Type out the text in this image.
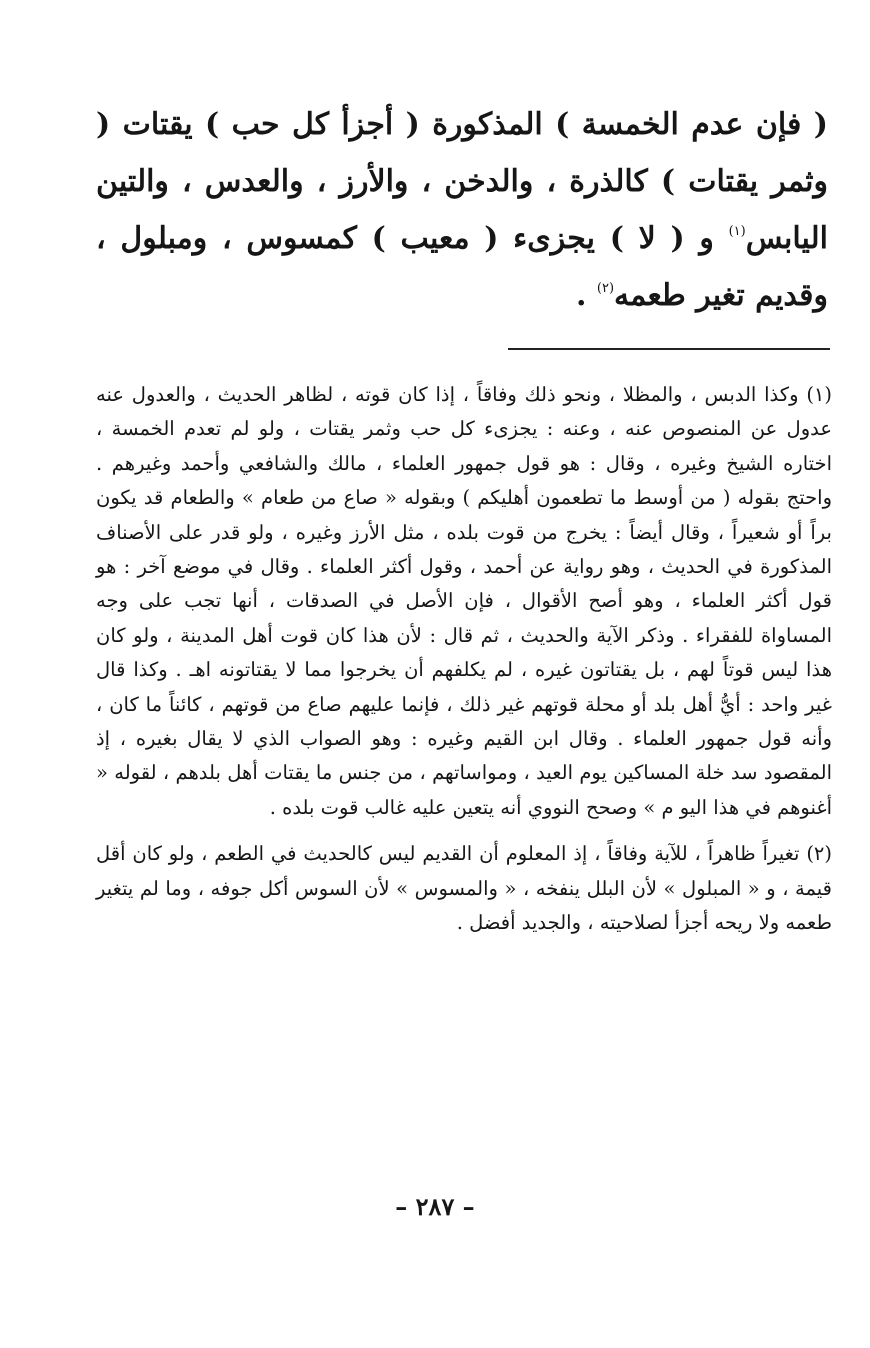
( فإن عدم الخمسة ) المذكورة ( أجزأ كل حب ) يقتات ( وثمر يقتات ) كالذرة ، والدخن ، والأرز ، والعدس ، والتين اليابس$^{(١)}$ و ( لا ) يجزىء ( معيب ) كمسوس ، ومبلول ، وقديم تغير طعمه$^{(٢)}$ .

(١) وكذا الدبس ، والمظلا ، ونحو ذلك وفاقاً ، إذا كان قوته ، لظاهر الحديث ، والعدول عنه عدول عن المنصوص عنه ، وعنه : يجزىء كل حب وثمر يقتات ، ولو لم تعدم الخمسة ، اختاره الشيخ وغيره ، وقال : هو قول جمهور العلماء ، مالك والشافعي وأحمد وغيرهم . واحتج بقوله ( من أوسط ما تطعمون أهليكم ) وبقوله « صاع من طعام » والطعام قد يكون براً أو شعيراً ، وقال أيضاً : يخرج من قوت بلده ، مثل الأرز وغيره ، ولو قدر على الأصناف المذكورة في الحديث ، وهو رواية عن أحمد ، وقول أكثر العلماء . وقال في موضع آخر : هو قول أكثر العلماء ، وهو أصح الأقوال ، فإن الأصل في الصدقات ، أنها تجب على وجه المساواة للفقراء . وذكر الآية والحديث ، ثم قال : لأن هذا كان قوت أهل المدينة ، ولو كان هذا ليس قوتاً لهم ، بل يقتاتون غيره ، لم يكلفهم أن يخرجوا مما لا يقتاتونه اهـ . وكذا قال غير واحد : أيُّ أهل بلد أو محلة قوتهم غير ذلك ، فإنما عليهم صاع من قوتهم ، كائناً ما كان ، وأنه قول جمهور العلماء . وقال ابن القيم وغيره : وهو الصواب الذي لا يقال بغيره ، إذ المقصود سد خلة المساكين يوم العيد ، ومواساتهم ، من جنس ما يقتات أهل بلدهم ، لقوله « أغنوهم في هذا اليو م » وصحح النووي أنه يتعين عليه غالب قوت بلده .

(٢) تغيراً ظاهراً ، للآية وفاقاً ، إذ المعلوم أن القديم ليس كالحديث في الطعم ، ولو كان أقل قيمة ، و « المبلول » لأن البلل ينفخه ، « والمسوس » لأن السوس أكل جوفه ، وما لم يتغير طعمه ولا ريحه أجزأ لصلاحيته ، والجديد أفضل .

– ٢٨٧ –
